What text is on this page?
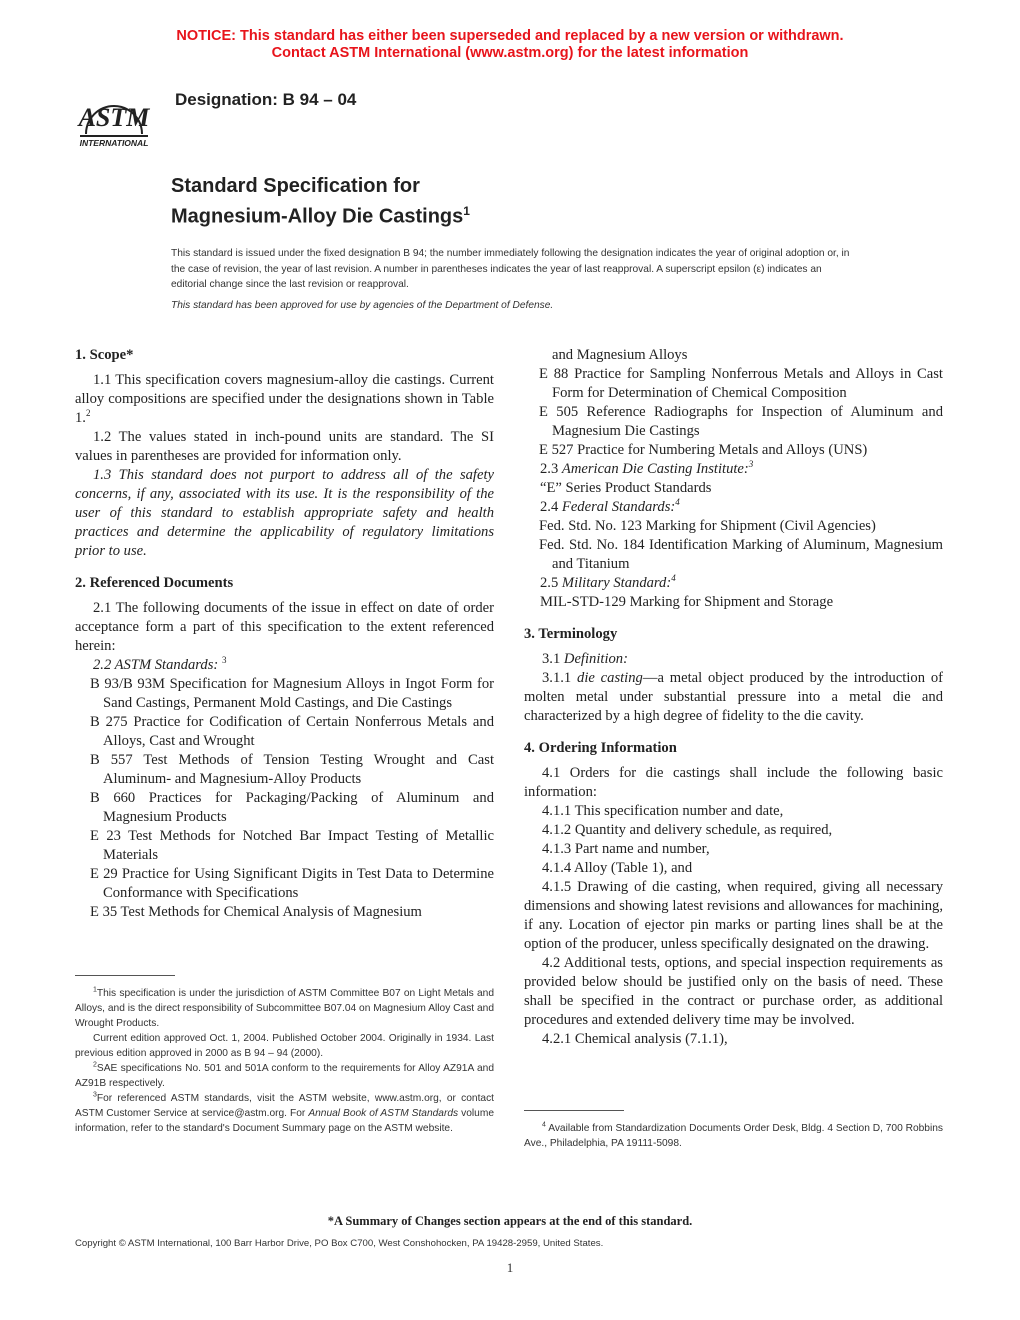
NOTICE: This standard has either been superseded and replaced by a new version or withdrawn.
Contact ASTM International (www.astm.org) for the latest information
ASTM
INTERNATIONAL
Designation: B 94 – 04
Standard Specification for
Magnesium-Alloy Die Castings$^1$
This standard is issued under the fixed designation B 94; the number immediately following the designation indicates the year of original adoption or, in the case of revision, the year of last revision. A number in parentheses indicates the year of last reapproval. A superscript epsilon (ε) indicates an editorial change since the last revision or reapproval.
This standard has been approved for use by agencies of the Department of Defense.

1. Scope*

1.1 This specification covers magnesium-alloy die castings. Current alloy compositions are specified under the designations shown in Table 1.$^2$

1.2 The values stated in inch-pound units are standard. The SI values in parentheses are provided for information only.

1.3 This standard does not purport to address all of the safety concerns, if any, associated with its use. It is the responsibility of the user of this standard to establish appropriate safety and health practices and determine the applicability of regulatory limitations prior to use.

2. Referenced Documents

2.1 The following documents of the issue in effect on date of order acceptance form a part of this specification to the extent referenced herein:

2.2 ASTM Standards: $^3$

B 93/B 93M Specification for Magnesium Alloys in Ingot Form for Sand Castings, Permanent Mold Castings, and Die Castings

B 275 Practice for Codification of Certain Nonferrous Metals and Alloys, Cast and Wrought

B 557 Test Methods of Tension Testing Wrought and Cast Aluminum- and Magnesium-Alloy Products

B 660 Practices for Packaging/Packing of Aluminum and Magnesium Products

E 23 Test Methods for Notched Bar Impact Testing of Metallic Materials

E 29 Practice for Using Significant Digits in Test Data to Determine Conformance with Specifications

E 35 Test Methods for Chemical Analysis of Magnesium

$^1$This specification is under the jurisdiction of ASTM Committee B07 on Light Metals and Alloys, and is the direct responsibility of Subcommittee B07.04 on Magnesium Alloy Cast and Wrought Products.

Current edition approved Oct. 1, 2004. Published October 2004. Originally in 1934. Last previous edition approved in 2000 as B 94 – 94 (2000).

$^2$SAE specifications No. 501 and 501A conform to the requirements for Alloy AZ91A and AZ91B respectively.

$^3$For referenced ASTM standards, visit the ASTM website, www.astm.org, or contact ASTM Customer Service at service@astm.org. For Annual Book of ASTM Standards volume information, refer to the standard's Document Summary page on the ASTM website.

and Magnesium Alloys

E 88 Practice for Sampling Nonferrous Metals and Alloys in Cast Form for Determination of Chemical Composition

E 505 Reference Radiographs for Inspection of Aluminum and Magnesium Die Castings

E 527 Practice for Numbering Metals and Alloys (UNS)

2.3 American Die Casting Institute:$^3$

“E” Series Product Standards

2.4 Federal Standards:$^4$

Fed. Std. No. 123 Marking for Shipment (Civil Agencies)

Fed. Std. No. 184 Identification Marking of Aluminum, Magnesium and Titanium

2.5 Military Standard:$^4$

MIL-STD-129 Marking for Shipment and Storage

3. Terminology

3.1 Definition:

3.1.1 die casting—a metal object produced by the introduction of molten metal under substantial pressure into a metal die and characterized by a high degree of fidelity to the die cavity.

4. Ordering Information

4.1 Orders for die castings shall include the following basic information:

4.1.1 This specification number and date,

4.1.2 Quantity and delivery schedule, as required,

4.1.3 Part name and number,

4.1.4 Alloy (Table 1), and

4.1.5 Drawing of die casting, when required, giving all necessary dimensions and showing latest revisions and allowances for machining, if any. Location of ejector pin marks or parting lines shall be at the option of the producer, unless specifically designated on the drawing.

4.2 Additional tests, options, and special inspection requirements as provided below should be justified only on the basis of need. These shall be specified in the contract or purchase order, as additional procedures and extended delivery time may be involved.

4.2.1 Chemical analysis (7.1.1),

$^4$ Available from Standardization Documents Order Desk, Bldg. 4 Section D, 700 Robbins Ave., Philadelphia, PA 19111-5098.

*A Summary of Changes section appears at the end of this standard.
Copyright © ASTM International, 100 Barr Harbor Drive, PO Box C700, West Conshohocken, PA 19428-2959, United States.
1
